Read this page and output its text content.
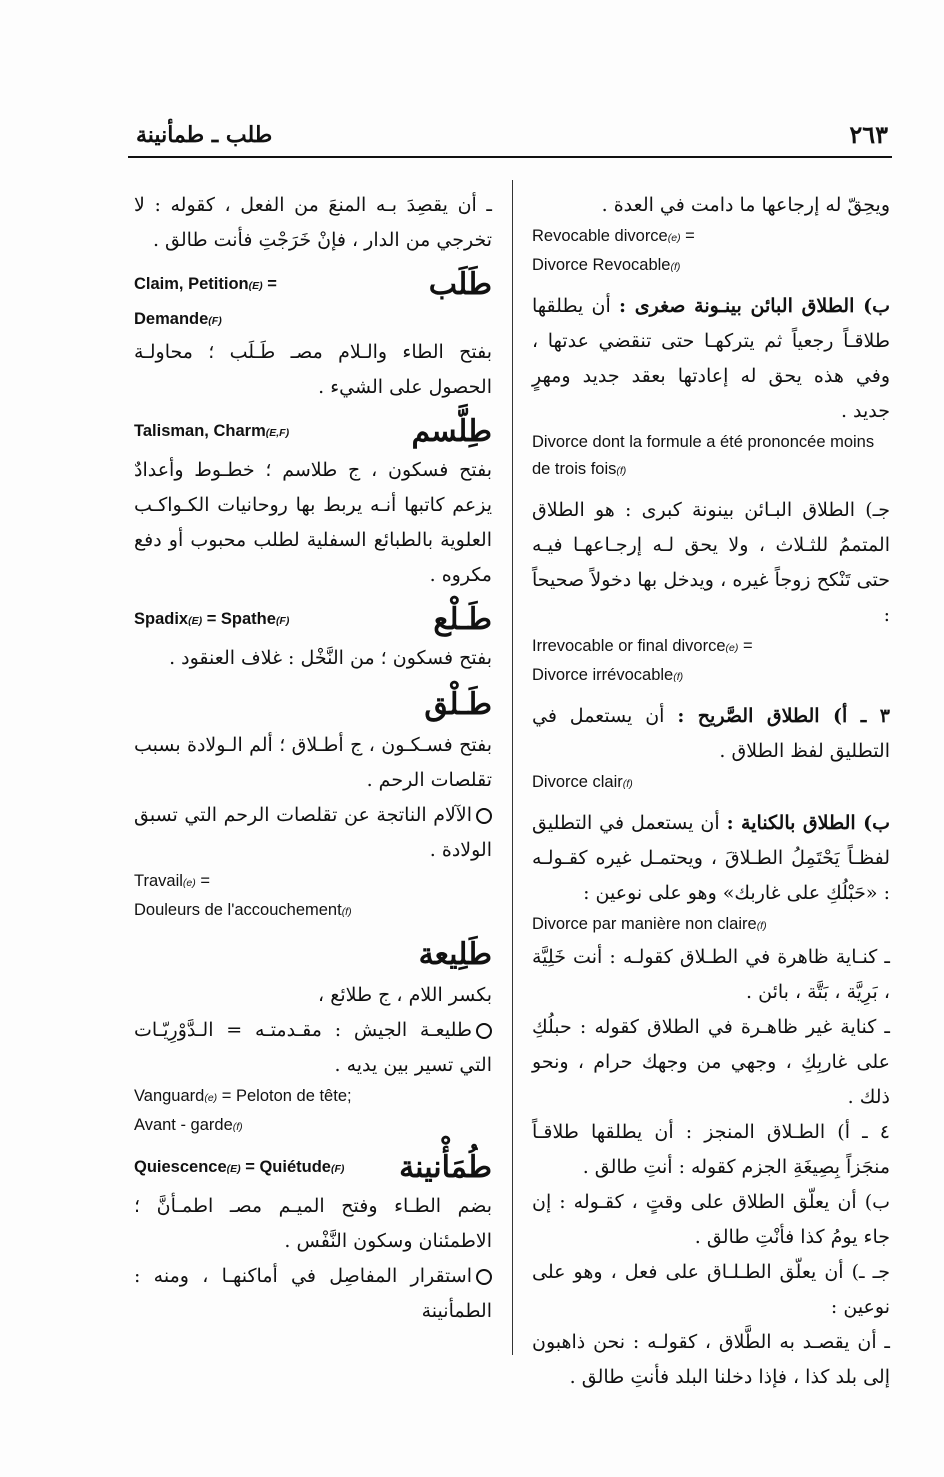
طلب ـ طمأنينة	٢٦٣

ويحِقّ له إرجاعها ما دامت في العدة .

Revocable divorce(e) =

Divorce Revocable(f)

ب) الطلاق البائن بينـونة صغرى : أن يطلقها طلاقـاً رجعياً ثم يتركهـا حتى تنقضي عدتها ، وفي هذه يحق له إعادتها بعقد جديد ومهرٍ جديد .

Divorce dont la formule a été prononcée moins de trois fois(f)

جـ) الطلاق البـائن بينونة كبرى : هو الطلاق المتممُ للثـلاث ، ولا يحق لـه إرجـاعهـا فيـه حتى تَنْكح زوجاً غيره ، ويدخل بها دخولاً صحيحاً :

Irrevocable or final divorce(e) =

Divorce irrévocable(f)

٣ ـ أ) الطلاق الصَّريح : أن يستعمل في التطليق لفظ الطلاق .

Divorce clair(f)

ب) الطلاق بالكناية : أن يستعمل في التطليق لفظـاً يَحْتَمِلُ الطـلاقَ ، ويحتمـل غيره كقـولـه : «حَبْلُكِ على غاربك» وهو على نوعين :

Divorce par manière non claire(f)

ـ كنـاية ظاهرة في الطـلاق كقولـه : أنت خَلِيَّة ، بَرِيَّة ، بَتَّة ، بائن .

ـ كناية غير ظاهـرة في الطلاق كقوله : حبلُكِ على غاربِكِ ، وجهي من وجهك حرام ، ونحو ذلك .

٤ ـ أ) الطـلاق المنجز : أن يطلقها طلاقـاً منجَزاً بِصِيغَةِ الجزم كقوله : أنتِ طالق .

ب) أن يعلّق الطلاق على وقتٍ ، كقـوله : إن جاء يومُ كذا فأنْتِ طالق .

جـ ـ) أن يعلّق الطـلـاق على فعل ، وهو على نوعين :

ـ أن يقصـد به الطَّلاق ، كقولـه : نحن ذاهبون إلى بلد كذا ، فإذا دخلنا البلد فأنتِ طالق .

ـ أن يقصِدَ بـه المنعَ من الفعل ، كقوله : لا تخرجي من الدار ، فإنْ خَرَجْتِ فأنت طالق .

طَلَب

Claim, Petition(E) =

Demande(F)

بفتح الطاء والـلام مصـ طَـلَب ؛ محاولـة الحصول على الشيء .

طِلَّسم

Talisman, Charm(E,F)

بفتح فسكون ، ج طلاسم ؛ خطـوط وأعدادٌ يزعم كاتبها أنـه يربط بها روحانيات الكـواكـب العلوية بالطبائع السفلية لطلب محبوب أو دفع مكروه .

طَـلْع

Spadix(E) = Spathe(F)

بفتح فسكون ؛ من النَّخْل : غلاف العنقود .

طَـلْق

بفتح فسـكـون ، ج أطـلاق ؛ ألم الـولادة بسبب تقلصات الرحم .

الآلام الناتجة عن تقلصات الرحم التي تسبق الولادة .

Travail(e) =

Douleurs de l'accouchement(f)

طَلِيعة

بكسر اللام ، ج طلائع ،

طليعـة الجيش : مقـدمتـه = الـدَّوْرِيّـات التي تسير بين يديه .

Vanguard(e) = Peloton de tête;

Avant - garde(f)

طُمَأْنينة

Quiescence(E) = Quiétude(F)

بضم الطـاء وفتح الميـم مصـ اطمـأنَّ ؛ الاطمئنان وسكون النَّفْس .

استقرار المفاصِل في أماكنهـا ، ومنه : الطمأنينة
